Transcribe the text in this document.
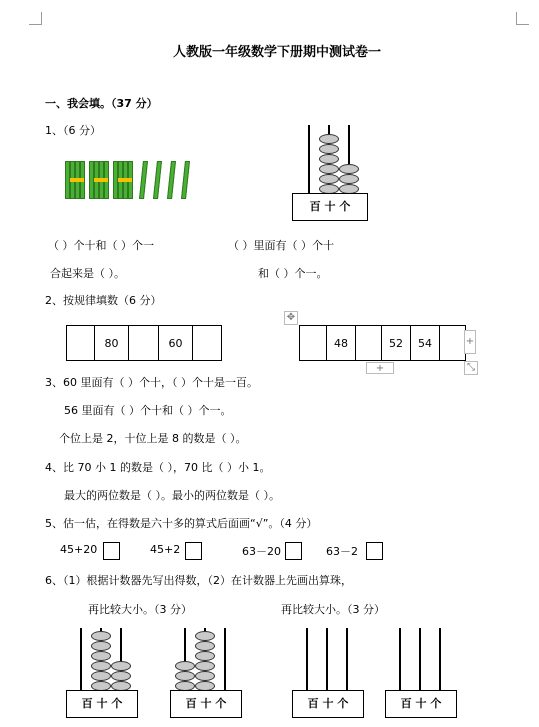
人教版一年级数学下册期中测试卷一
一、我会填。（37 分）
1、（6 分）
百 十 个
（ ）个十和（ ）个一	（ ）里面有（ ）个十
合起来是（ ）。	和（ ）个一。
2、按规律填数（6 分）
✥
	80		60	
		48		52	54		+
+	⤡
3、60 里面有（ ）个十，（ ）个十是一百。
56 里面有（ ）个十和（ ）个一。
个位上是 2，十位上是 8 的数是（ ）。
4、比 70 小 1 的数是（ ），70 比（ ）小 1。
最大的两位数是（ ）。最小的两位数是（ ）。
5、估一估，在得数是六十多的算式后面画“√”。（4 分）
45+20	45+2	63－20	63－2
6、（1）根据计数器先写出得数，（2）在计数器上先画出算珠，
再比较大小。（3 分）	再比较大小。（3 分）
百 十 个	百 十 个	百 十 个	百 十 个
